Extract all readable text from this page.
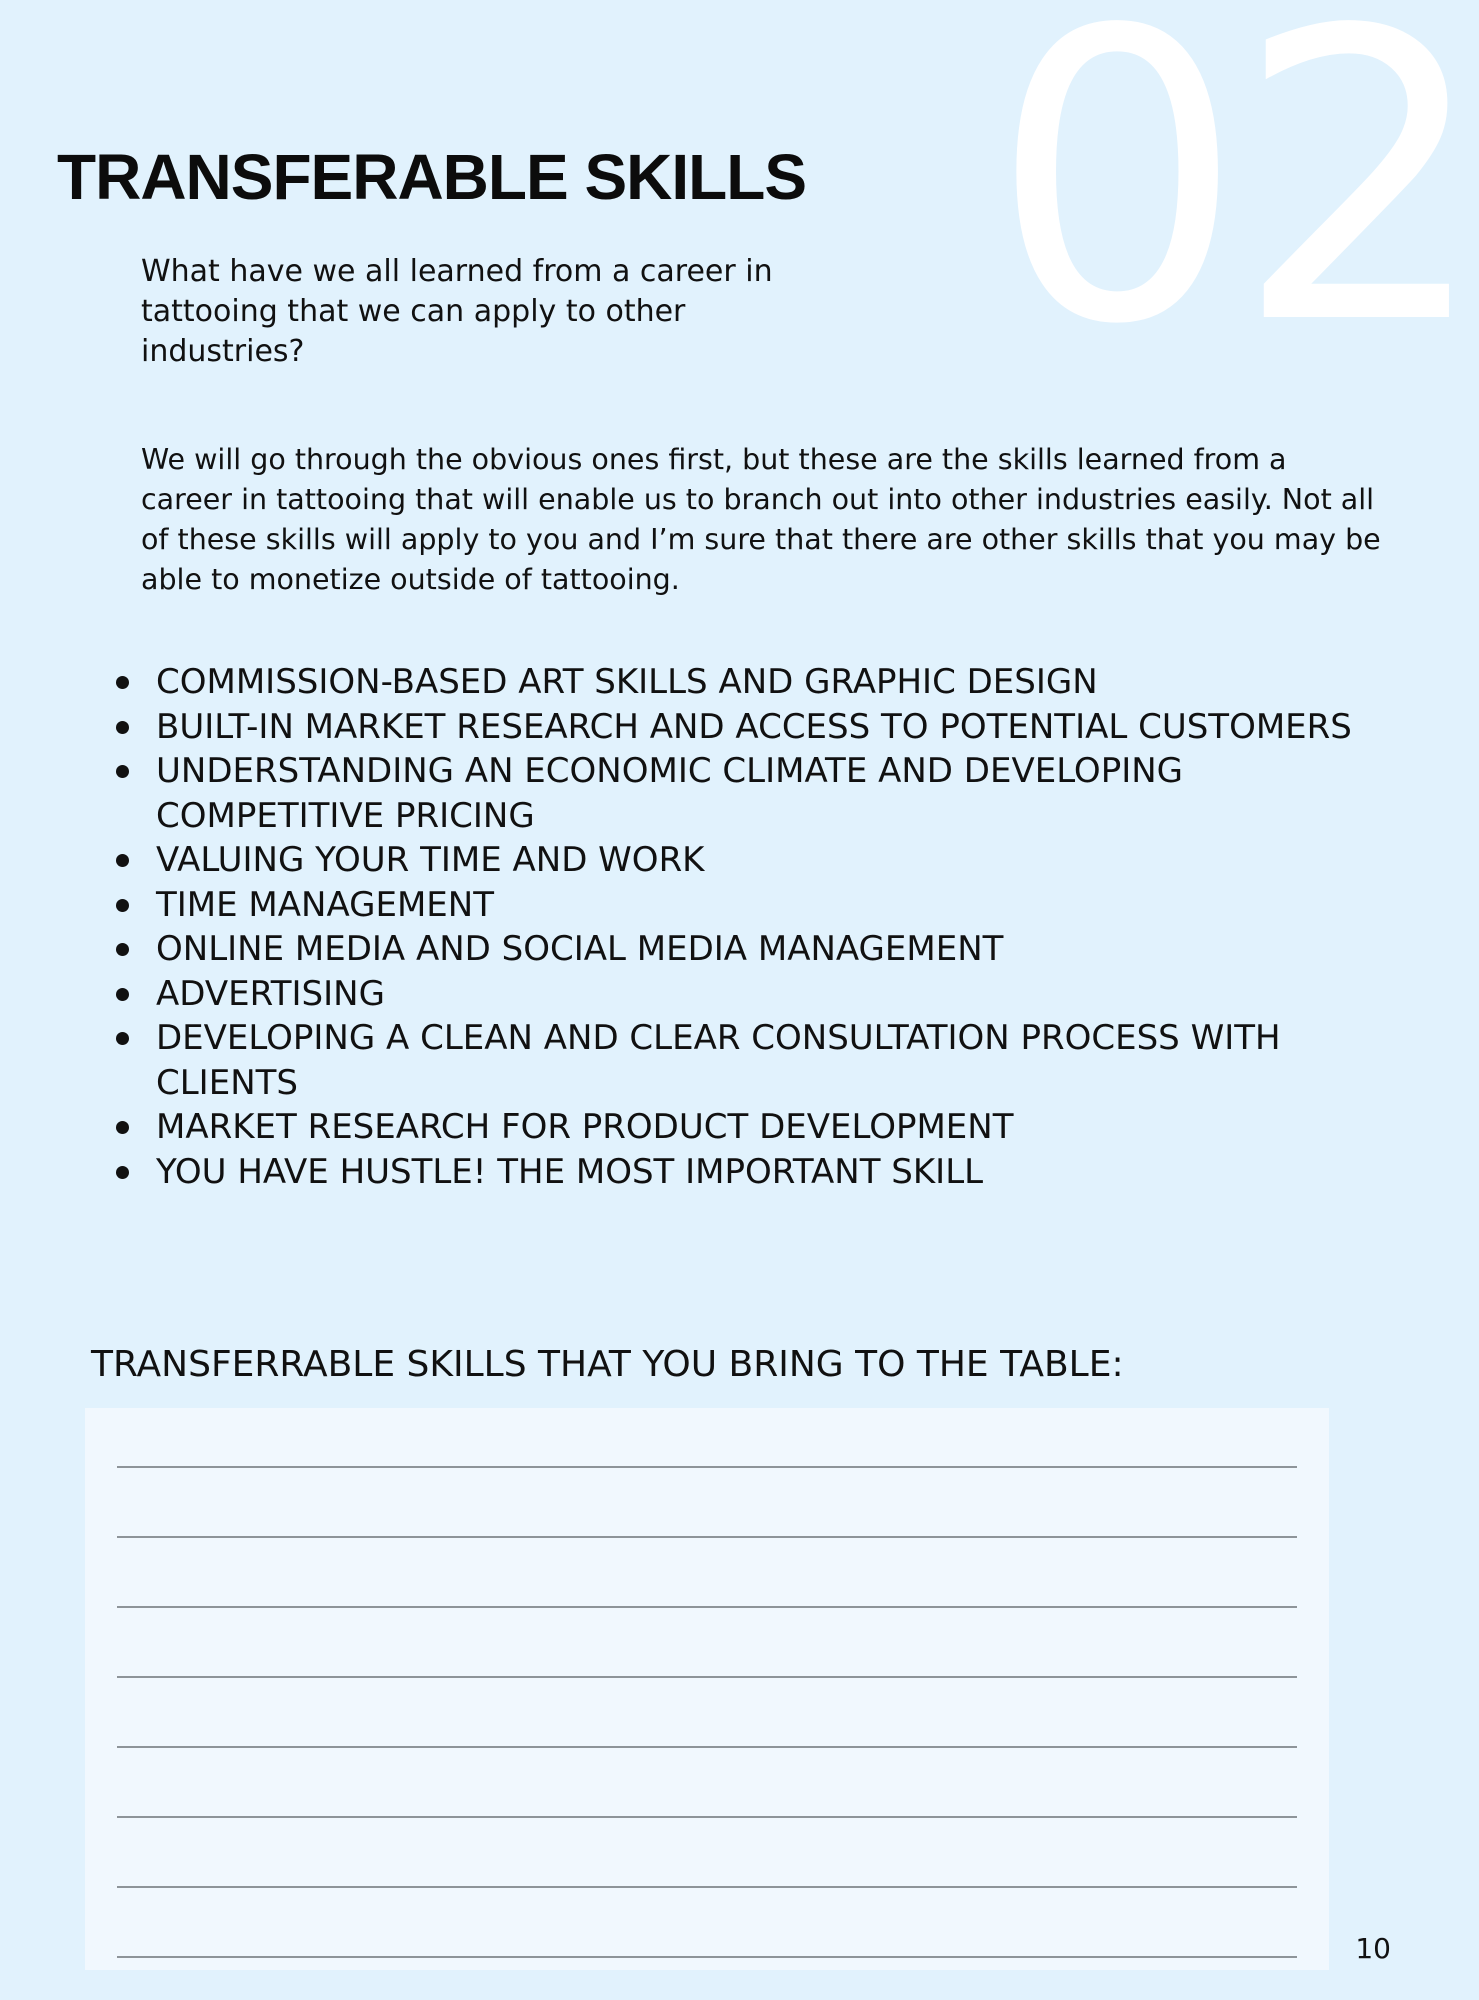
02
TRANSFERABLE SKILLS

What have we all learned from a career in tattooing that we can apply to other industries?

We will go through the obvious ones first, but these are the skills learned from a career in tattooing that will enable us to branch out into other industries easily. Not all of these skills will apply to you and I’m sure that there are other skills that you may be able to monetize outside of tattooing.

COMMISSION-BASED ART SKILLS AND GRAPHIC DESIGN
BUILT-IN MARKET RESEARCH AND ACCESS TO POTENTIAL CUSTOMERS
UNDERSTANDING AN ECONOMIC CLIMATE AND DEVELOPING COMPETITIVE PRICING
VALUING YOUR TIME AND WORK
TIME MANAGEMENT
ONLINE MEDIA AND SOCIAL MEDIA MANAGEMENT
ADVERTISING
DEVELOPING A CLEAN AND CLEAR CONSULTATION PROCESS WITH CLIENTS
MARKET RESEARCH FOR PRODUCT DEVELOPMENT
YOU HAVE HUSTLE! THE MOST IMPORTANT SKILL
TRANSFERRABLE SKILLS THAT YOU BRING TO THE TABLE:
10
